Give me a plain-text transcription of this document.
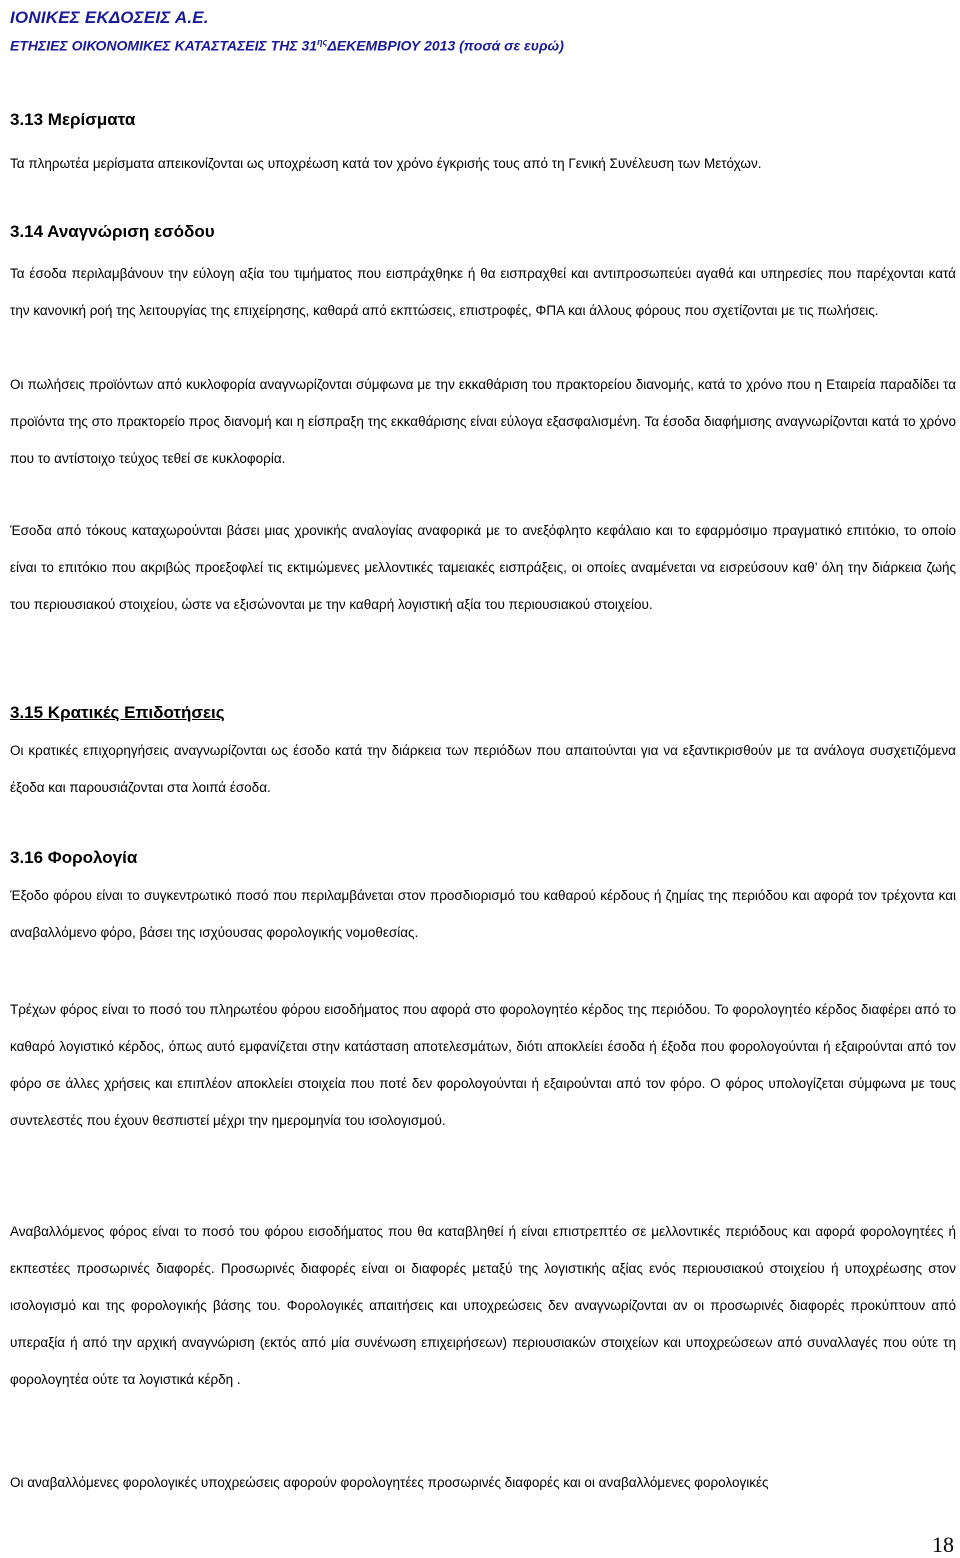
ΙΟΝΙΚΕΣ ΕΚΔΟΣΕΙΣ Α.Ε.

ΕΤΗΣΙΕΣ ΟΙΚΟΝΟΜΙΚΕΣ ΚΑΤΑΣΤΑΣΕΙΣ ΤΗΣ $31^{\eta\varsigma}\Delta EKEMBPIO\Upsilon$ 2013 (ποσά σε ευρώ)

3.13 Μερίσματα

Τα πληρωτέα μερίσματα απεικονίζονται ως υποχρέωση κατά τον χρόνο έγκρισής τους από τη Γενική Συνέλευση των Μετόχων.

3.14 Αναγνώριση εσόδου

Τα έσοδα περιλαμβάνουν την εύλογη αξία του τιμήματος που εισπράχθηκε ή θα εισπραχθεί και αντιπροσωπεύει αγαθά και υπηρεσίες που παρέχονται κατά την κανονική ροή της λειτουργίας της επιχείρησης, καθαρά από εκπτώσεις, επιστροφές, ΦΠΑ και άλλους φόρους που σχετίζονται με τις πωλήσεις.

Οι πωλήσεις προϊόντων από κυκλοφορία αναγνωρίζονται σύμφωνα με την εκκαθάριση του πρακτορείου διανομής, κατά το χρόνο που η Εταιρεία παραδίδει τα προϊόντα της στο πρακτορείο προς διανομή και η είσπραξη της εκκαθάρισης είναι εύλογα εξασφαλισμένη. Τα έσοδα διαφήμισης αναγνωρίζονται κατά το χρόνο που το αντίστοιχο τεύχος τεθεί σε κυκλοφορία.

Έσοδα από τόκους καταχωρούνται βάσει μιας χρονικής αναλογίας αναφορικά με το ανεξόφλητο κεφάλαιο και το εφαρμόσιμο πραγματικό επιτόκιο, το οποίο είναι το επιτόκιο που ακριβώς προεξοφλεί τις εκτιμώμενες μελλοντικές ταμειακές εισπράξεις, οι οποίες αναμένεται να εισρεύσουν καθ’ όλη την διάρκεια ζωής του περιουσιακού στοιχείου, ώστε να εξισώνονται με την καθαρή λογιστική αξία του περιουσιακού στοιχείου.

3.15 Κρατικές Επιδοτήσεις

Οι κρατικές επιχορηγήσεις αναγνωρίζονται ως έσοδο κατά την διάρκεια των περιόδων που απαιτούνται για να εξαντικρισθούν με τα ανάλογα συσχετιζόμενα έξοδα και παρουσιάζονται στα λοιπά έσοδα.

3.16 Φορολογία

Έξοδο φόρου είναι το συγκεντρωτικό ποσό που περιλαμβάνεται στον προσδιορισμό του καθαρού κέρδους ή ζημίας της περιόδου και αφορά τον τρέχοντα και αναβαλλόμενο φόρο, βάσει της ισχύουσας φορολογικής νομοθεσίας.

Τρέχων φόρος είναι το ποσό του πληρωτέου φόρου εισοδήματος που αφορά στο φορολογητέο κέρδος της περιόδου. Το φορολογητέο κέρδος διαφέρει από το καθαρό λογιστικό κέρδος, όπως αυτό εμφανίζεται στην κατάσταση αποτελεσμάτων, διότι αποκλείει έσοδα ή έξοδα που φορολογούνται ή εξαιρούνται από τον φόρο σε άλλες χρήσεις και επιπλέον αποκλείει στοιχεία που ποτέ δεν φορολογούνται ή εξαιρούνται από τον φόρο. Ο φόρος υπολογίζεται σύμφωνα με τους συντελεστές που έχουν θεσπιστεί μέχρι την ημερομηνία του ισολογισμού.

Αναβαλλόμενος φόρος είναι το ποσό του φόρου εισοδήματος που θα καταβληθεί ή είναι επιστρεπτέο σε μελλοντικές περιόδους και αφορά φορολογητέες ή εκπεστέες προσωρινές διαφορές. Προσωρινές διαφορές είναι οι διαφορές μεταξύ της λογιστικής αξίας ενός περιουσιακού στοιχείου ή υποχρέωσης στον ισολογισμό και της φορολογικής βάσης του. Φορολογικές απαιτήσεις και υποχρεώσεις δεν αναγνωρίζονται αν οι προσωρινές διαφορές προκύπτουν από υπεραξία ή από την αρχική αναγνώριση (εκτός από μία συνένωση επιχειρήσεων) περιουσιακών στοιχείων και υποχρεώσεων από συναλλαγές που ούτε τη φορολογητέα ούτε τα λογιστικά κέρδη .

Οι αναβαλλόμενες φορολογικές υποχρεώσεις αφορούν φορολογητέες προσωρινές διαφορές και οι αναβαλλόμενες φορολογικές

18
